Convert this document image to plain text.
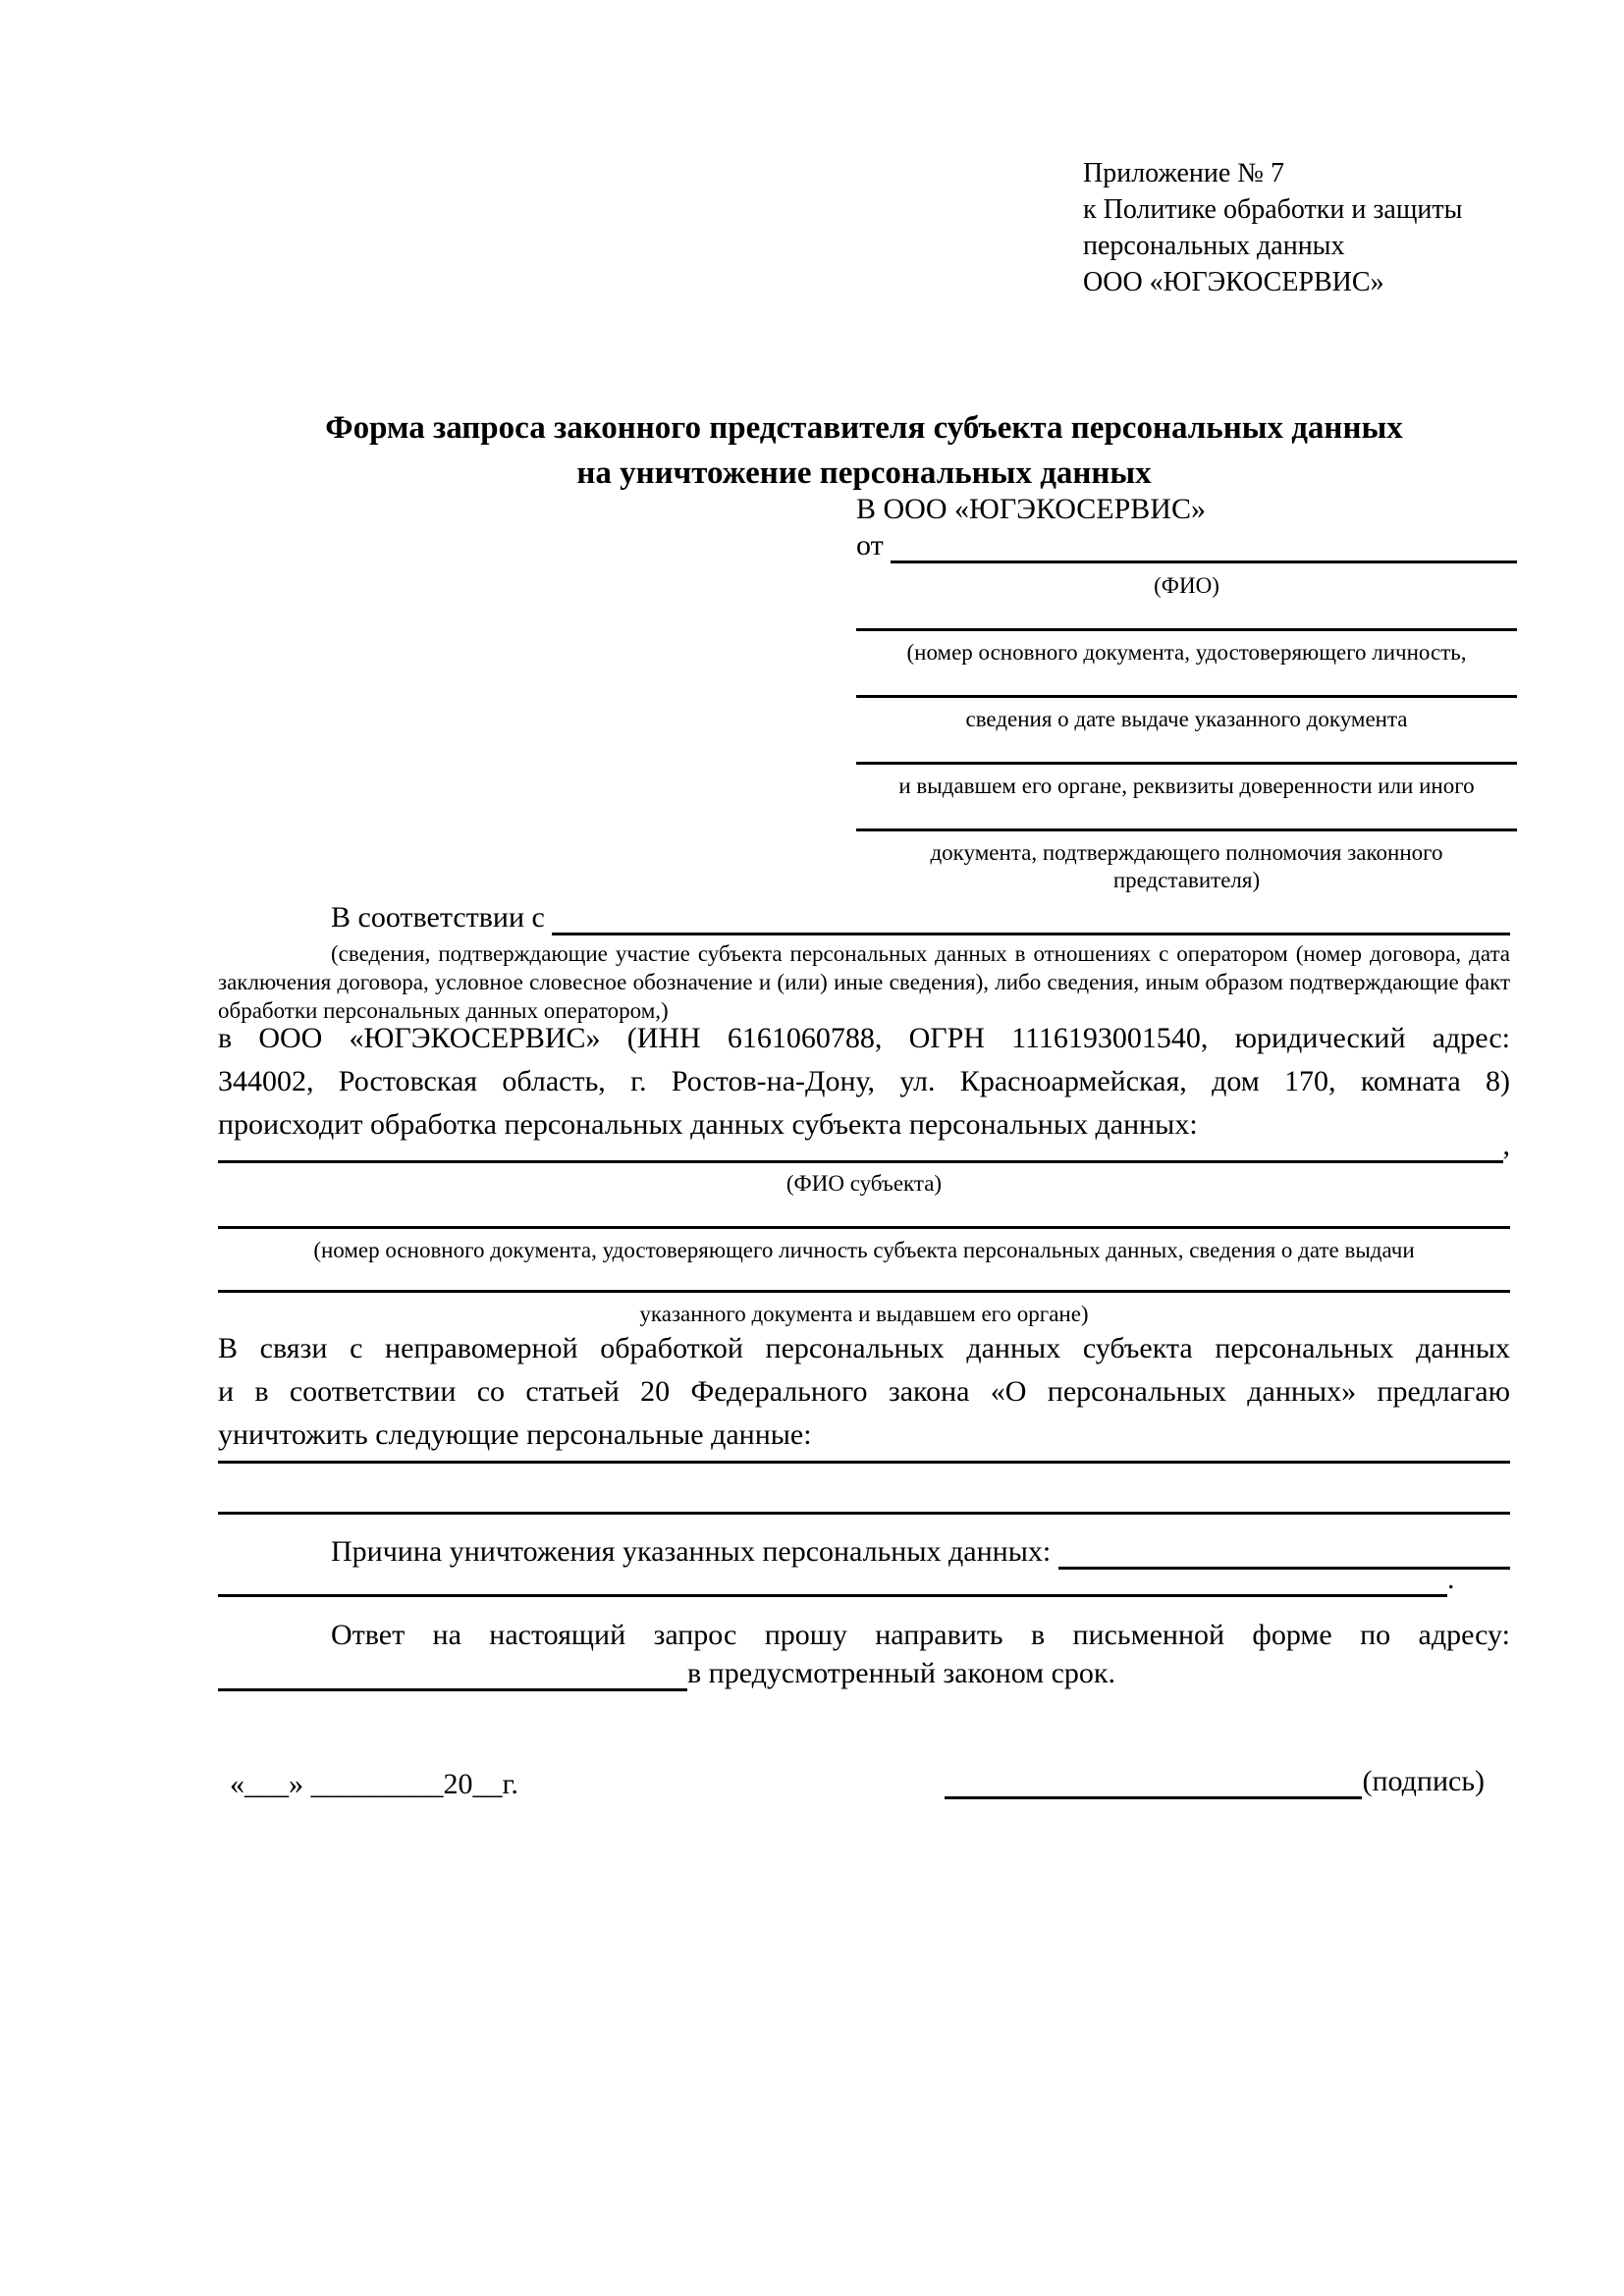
Приложение № 7
к Политике обработки и защиты
персональных данных
ООО «ЮГЭКОСЕРВИС»
Форма запроса законного представителя субъекта персональных данных
на уничтожение персональных данных
В ООО «ЮГЭКОСЕРВИС»
от
(ФИО)
(номер основного документа, удостоверяющего личность,
сведения о дате выдаче указанного документа
и выдавшем его органе, реквизиты доверенности или иного
документа, подтверждающего полномочия законного представителя)
В соответствии с
(сведения, подтверждающие участие субъекта персональных данных в отношениях с оператором (номер договора, дата
заключения договора, условное словесное обозначение и (или) иные сведения), либо сведения, иным образом подтверждающие факт
обработки персональных данных оператором,)
в ООО «ЮГЭКОСЕРВИС» (ИНН 6161060788, ОГРН 1116193001540, юридический адрес:
344002, Ростовская область, г. Ростов-на-Дону, ул. Красноармейская, дом 170, комната 8)
происходит обработка персональных данных субъекта персональных данных:
,
(ФИО субъекта)
(номер основного документа, удостоверяющего личность субъекта персональных данных, сведения о дате выдачи
указанного документа и выдавшем его органе)
В связи с неправомерной обработкой персональных данных субъекта персональных данных
и в соответствии со статьей 20 Федерального закона «О персональных данных» предлагаю
уничтожить следующие персональные данные:
Причина уничтожения указанных персональных данных:
.
Ответ на настоящий запрос прошу направить в письменной форме по адресу:
в предусмотренный законом срок.
«___» _________20__г.	(подпись)
